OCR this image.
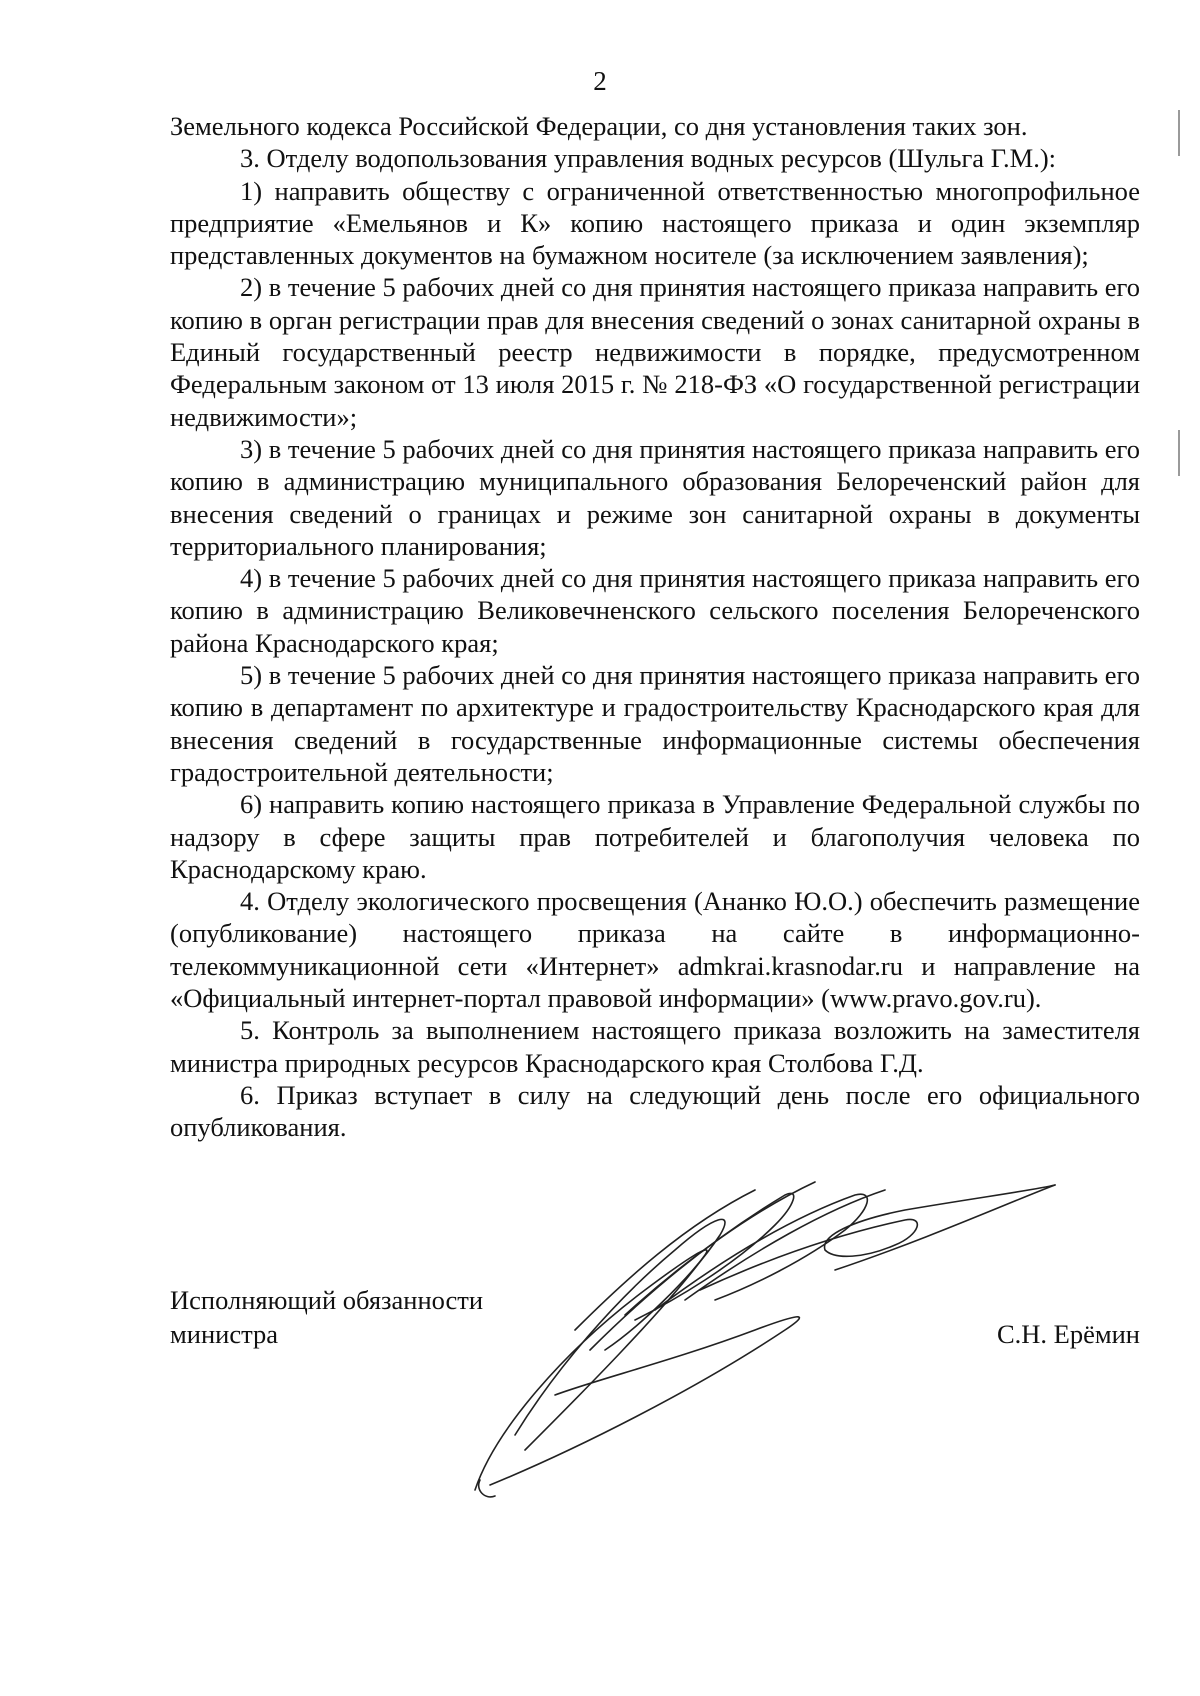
2

Земельного кодекса Российской Федерации, со дня установления таких зон.

3. Отделу водопользования управления водных ресурсов (Шульга Г.М.):

1) направить обществу с ограниченной ответственностью многопрофильное предприятие «Емельянов и К» копию настоящего приказа и один экземпляр представленных документов на бумажном носителе (за исключением заявления);

2) в течение 5 рабочих дней со дня принятия настоящего приказа направить его копию в орган регистрации прав для внесения сведений о зонах санитарной охраны в Единый государственный реестр недвижимости в порядке, предусмотренном Федеральным законом от 13 июля 2015 г. № 218-ФЗ «О государственной регистрации недвижимости»;

3) в течение 5 рабочих дней со дня принятия настоящего приказа направить его копию в администрацию муниципального образования Белореченский район для внесения сведений о границах и режиме зон санитарной охраны в документы территориального планирования;

4) в течение 5 рабочих дней со дня принятия настоящего приказа направить его копию в администрацию Великовечненского сельского поселения Белореченского района Краснодарского края;

5) в течение 5 рабочих дней со дня принятия настоящего приказа направить его копию в департамент по архитектуре и градостроительству Краснодарского края для внесения сведений в государственные информационные системы обеспечения градостроительной деятельности;

6) направить копию настоящего приказа в Управление Федеральной службы по надзору в сфере защиты прав потребителей и благополучия человека по Краснодарскому краю.

4. Отделу экологического просвещения (Ананко Ю.О.) обеспечить размещение (опубликование) настоящего приказа на сайте в информационно-телекоммуникационной сети «Интернет» admkrai.krasnodar.ru и направление на «Официальный интернет-портал правовой информации» (www.pravo.gov.ru).

5. Контроль за выполнением настоящего приказа возложить на заместителя министра природных ресурсов Краснодарского края Столбова Г.Д.

6. Приказ вступает в силу на следующий день после его официального опубликования.

Исполняющий обязанности
министра	С.Н. Ерёмин
